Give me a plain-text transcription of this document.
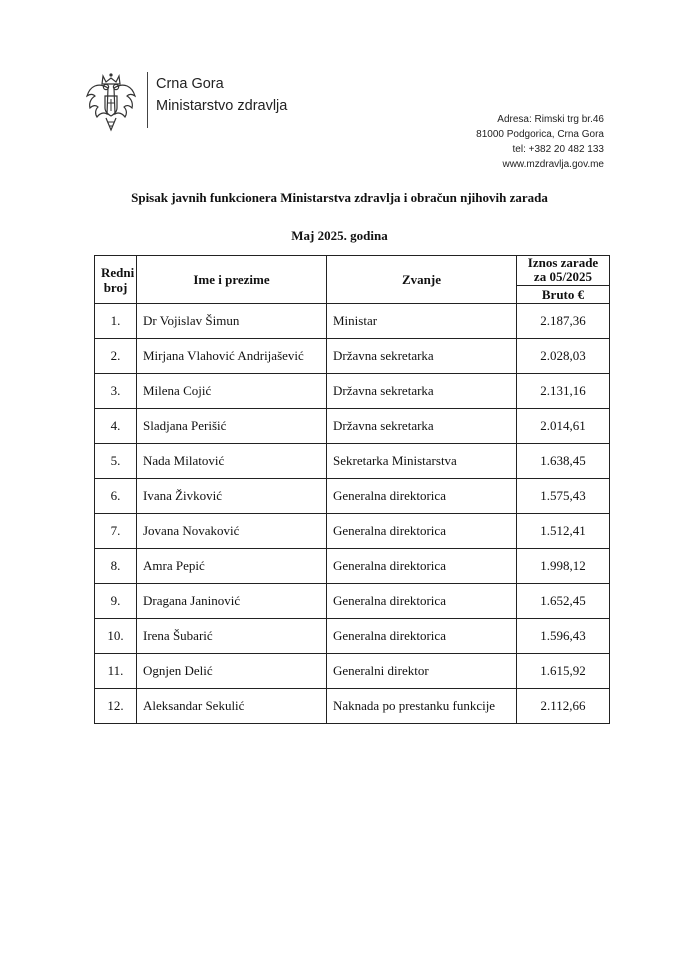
Crna Gora
Ministarstvo zdravlja
Adresa: Rimski trg br.46
81000 Podgorica, Crna Gora
tel: +382 20 482 133
www.mzdravlja.gov.me
Spisak javnih funkcionera Ministarstva zdravlja i obračun njihovih zarada
Maj 2025. godina
Redni
broj	Ime i prezime	Zvanje	Iznos zarade
za 05/2025
			Bruto €
1.	Dr Vojislav Šimun	Ministar	2.187,36
2.	Mirjana Vlahović Andrijašević	Državna sekretarka	2.028,03
3.	Milena Cojić	Državna sekretarka	2.131,16
4.	Sladjana Perišić	Državna sekretarka	2.014,61
5.	Nada Milatović	Sekretarka Ministarstva	1.638,45
6.	Ivana Živković	Generalna direktorica	1.575,43
7.	Jovana Novaković	Generalna direktorica	1.512,41
8.	Amra Pepić	Generalna direktorica	1.998,12
9.	Dragana Janinović	Generalna direktorica	1.652,45
10.	Irena Šubarić	Generalna direktorica	1.596,43
11.	Ognjen Delić	Generalni direktor	1.615,92
12.	Aleksandar Sekulić	Naknada po prestanku funkcije	2.112,66
